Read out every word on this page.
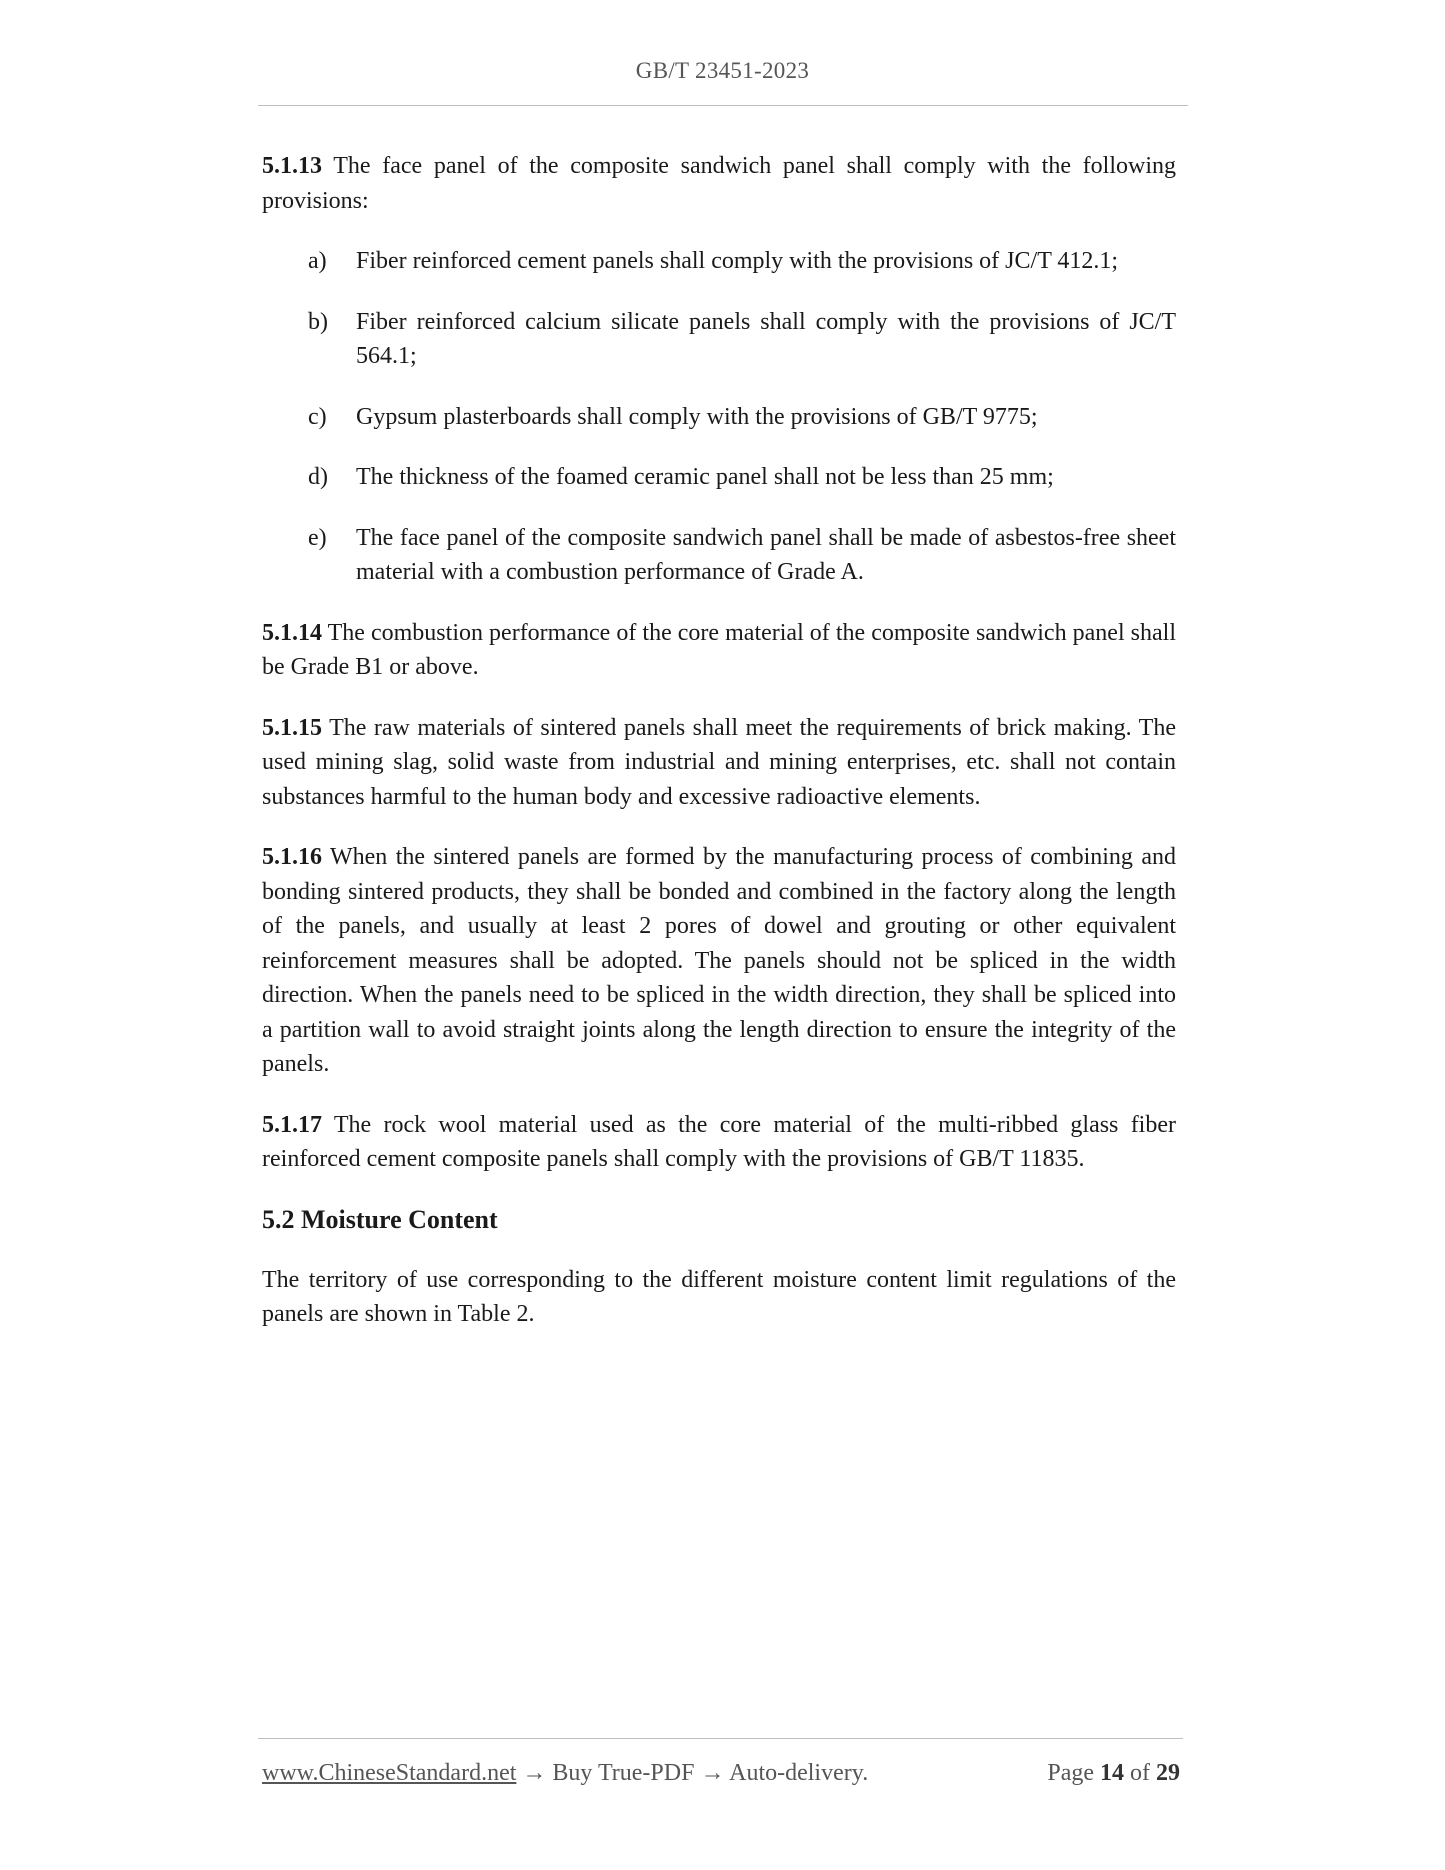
GB/T 23451-2023

5.1.13 The face panel of the composite sandwich panel shall comply with the following provisions:

a) Fiber reinforced cement panels shall comply with the provisions of JC/T 412.1;
b) Fiber reinforced calcium silicate panels shall comply with the provisions of JC/T 564.1;
c) Gypsum plasterboards shall comply with the provisions of GB/T 9775;
d) The thickness of the foamed ceramic panel shall not be less than 25 mm;
e) The face panel of the composite sandwich panel shall be made of asbestos-free sheet material with a combustion performance of Grade A.

5.1.14 The combustion performance of the core material of the composite sandwich panel shall be Grade B1 or above.

5.1.15 The raw materials of sintered panels shall meet the requirements of brick making. The used mining slag, solid waste from industrial and mining enterprises, etc. shall not contain substances harmful to the human body and excessive radioactive elements.

5.1.16 When the sintered panels are formed by the manufacturing process of combining and bonding sintered products, they shall be bonded and combined in the factory along the length of the panels, and usually at least 2 pores of dowel and grouting or other equivalent reinforcement measures shall be adopted. The panels should not be spliced in the width direction. When the panels need to be spliced in the width direction, they shall be spliced into a partition wall to avoid straight joints along the length direction to ensure the integrity of the panels.

5.1.17 The rock wool material used as the core material of the multi-ribbed glass fiber reinforced cement composite panels shall comply with the provisions of GB/T 11835.

5.2 Moisture Content

The territory of use corresponding to the different moisture content limit regulations of the panels are shown in Table 2.

www.ChineseStandard.net → Buy True-PDF → Auto-delivery.	Page 14 of 29
